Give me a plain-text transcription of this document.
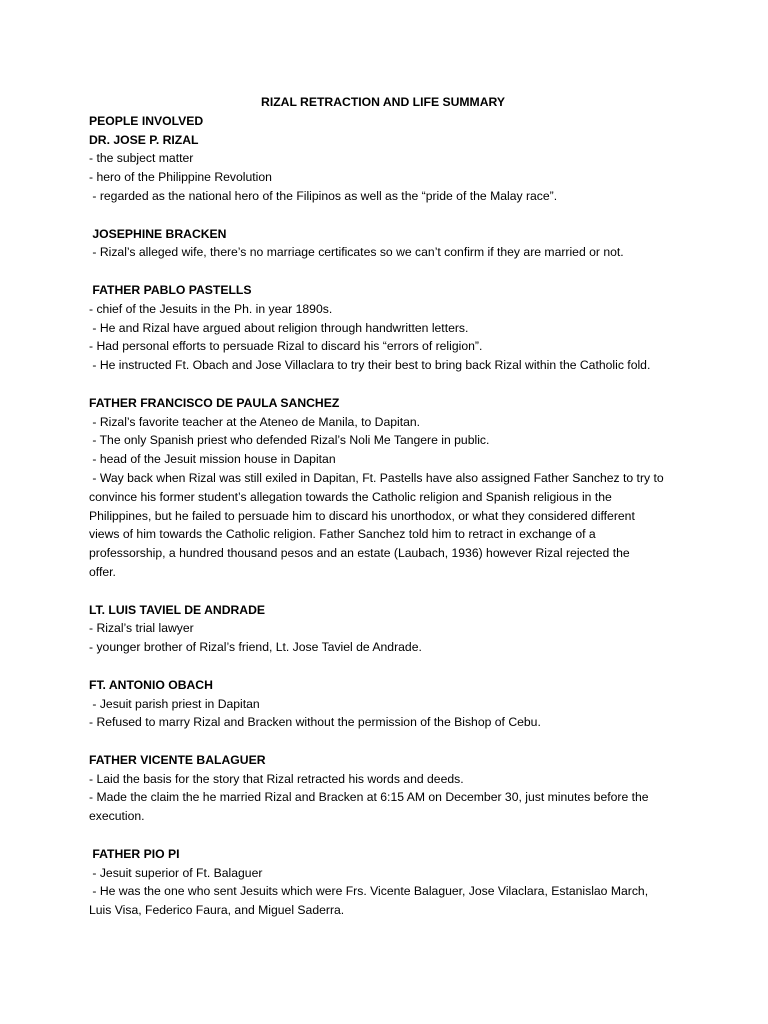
RIZAL RETRACTION AND LIFE SUMMARY
PEOPLE INVOLVED
DR. JOSE P. RIZAL
- the subject matter
- hero of the Philippine Revolution
- regarded as the national hero of the Filipinos as well as the “pride of the Malay race”.
JOSEPHINE BRACKEN
- Rizal’s alleged wife, there’s no marriage certificates so we can’t confirm if they are married or not.
FATHER PABLO PASTELLS
- chief of the Jesuits in the Ph. in year 1890s.
- He and Rizal have argued about religion through handwritten letters.
- Had personal efforts to persuade Rizal to discard his “errors of religion”.
- He instructed Ft. Obach and Jose Villaclara to try their best to bring back Rizal within the Catholic fold.
FATHER FRANCISCO DE PAULA SANCHEZ
- Rizal’s favorite teacher at the Ateneo de Manila, to Dapitan.
- The only Spanish priest who defended Rizal’s Noli Me Tangere in public.
- head of the Jesuit mission house in Dapitan
- Way back when Rizal was still exiled in Dapitan, Ft. Pastells have also assigned Father Sanchez to try to
convince his former student’s allegation towards the Catholic religion and Spanish religious in the
Philippines, but he failed to persuade him to discard his unorthodox, or what they considered different
views of him towards the Catholic religion. Father Sanchez told him to retract in exchange of a
professorship, a hundred thousand pesos and an estate (Laubach, 1936) however Rizal rejected the
offer.
LT. LUIS TAVIEL DE ANDRADE
- Rizal’s trial lawyer
- younger brother of Rizal’s friend, Lt. Jose Taviel de Andrade.
FT. ANTONIO OBACH
- Jesuit parish priest in Dapitan
- Refused to marry Rizal and Bracken without the permission of the Bishop of Cebu.
FATHER VICENTE BALAGUER
- Laid the basis for the story that Rizal retracted his words and deeds.
- Made the claim the he married Rizal and Bracken at 6:15 AM on December 30, just minutes before the
execution.
FATHER PIO PI
- Jesuit superior of Ft. Balaguer
- He was the one who sent Jesuits which were Frs. Vicente Balaguer, Jose Vilaclara, Estanislao March,
Luis Visa, Federico Faura, and Miguel Saderra.
